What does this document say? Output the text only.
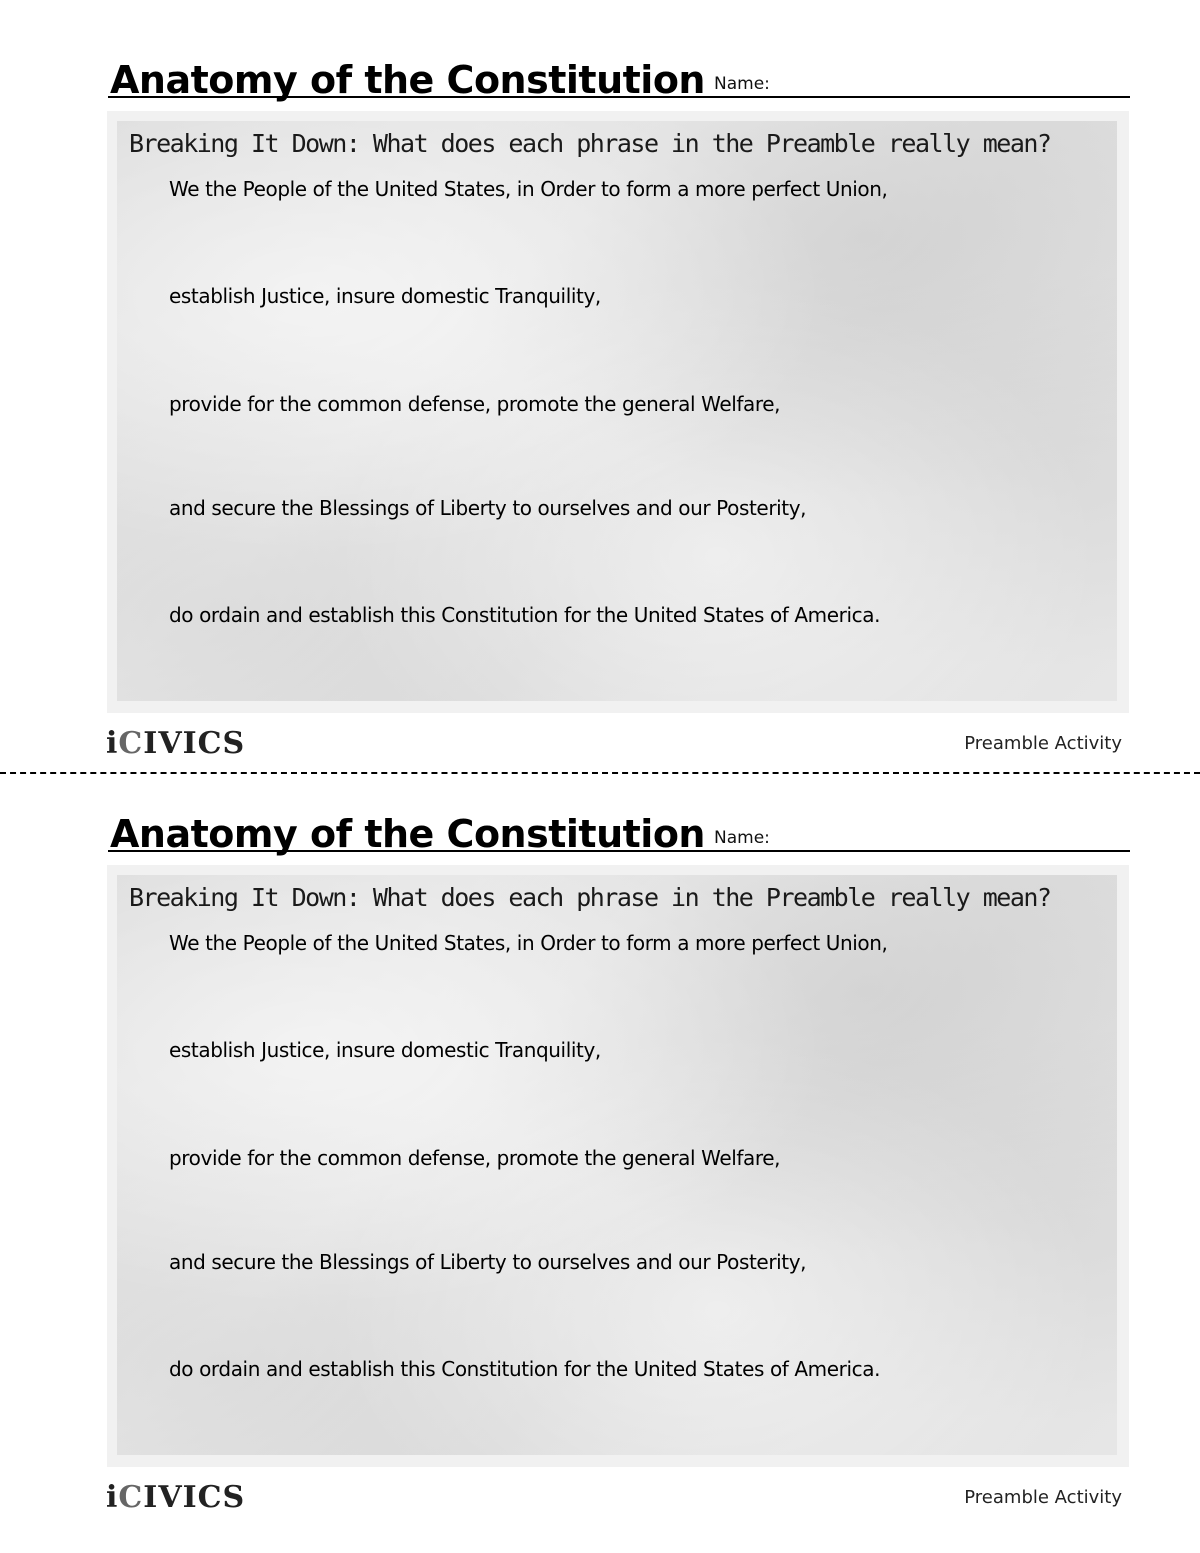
Anatomy of the Constitution Name:
Breaking It Down: What does each phrase in the Preamble really mean?
We the People of the United States, in Order to form a more perfect Union,
establish Justice, insure domestic Tranquility,
provide for the common defense, promote the general Welfare,
and secure the Blessings of Liberty to ourselves and our Posterity,
do ordain and establish this Constitution for the United States of America.
iCIVICS	Preamble Activity
Anatomy of the Constitution Name:
Breaking It Down: What does each phrase in the Preamble really mean?
We the People of the United States, in Order to form a more perfect Union,
establish Justice, insure domestic Tranquility,
provide for the common defense, promote the general Welfare,
and secure the Blessings of Liberty to ourselves and our Posterity,
do ordain and establish this Constitution for the United States of America.
iCIVICS	Preamble Activity
